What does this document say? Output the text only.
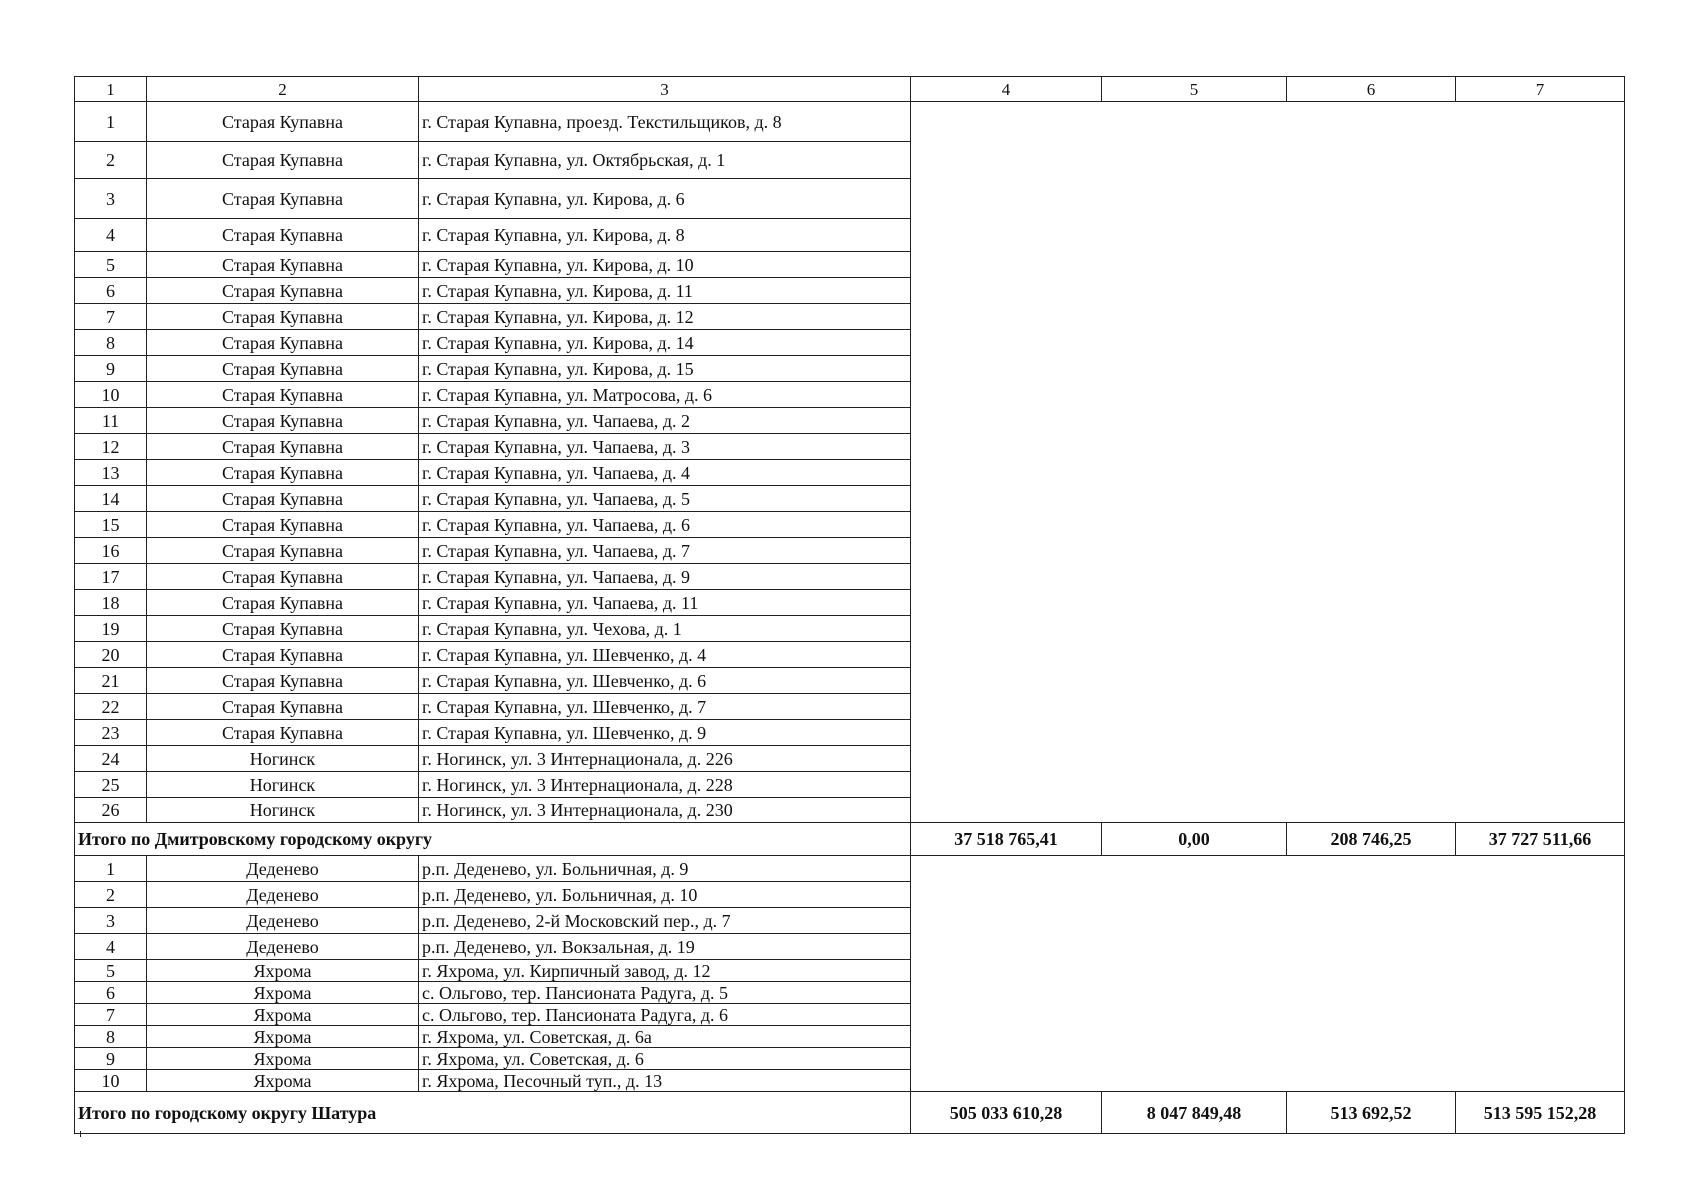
1	2	3	4	5	6	7
1	Старая Купавна	г. Старая Купавна, проезд. Текстильщиков, д. 8				
2	Старая Купавна	г. Старая Купавна, ул. Октябрьская, д. 1				
3	Старая Купавна	г. Старая Купавна, ул. Кирова, д. 6				
4	Старая Купавна	г. Старая Купавна, ул. Кирова, д. 8				
5	Старая Купавна	г. Старая Купавна, ул. Кирова, д. 10				
6	Старая Купавна	г. Старая Купавна, ул. Кирова, д. 11				
7	Старая Купавна	г. Старая Купавна, ул. Кирова, д. 12				
8	Старая Купавна	г. Старая Купавна, ул. Кирова, д. 14				
9	Старая Купавна	г. Старая Купавна, ул. Кирова, д. 15				
10	Старая Купавна	г. Старая Купавна, ул. Матросова, д. 6				
11	Старая Купавна	г. Старая Купавна, ул. Чапаева, д. 2				
12	Старая Купавна	г. Старая Купавна, ул. Чапаева, д. 3				
13	Старая Купавна	г. Старая Купавна, ул. Чапаева, д. 4				
14	Старая Купавна	г. Старая Купавна, ул. Чапаева, д. 5				
15	Старая Купавна	г. Старая Купавна, ул. Чапаева, д. 6				
16	Старая Купавна	г. Старая Купавна, ул. Чапаева, д. 7				
17	Старая Купавна	г. Старая Купавна, ул. Чапаева, д. 9				
18	Старая Купавна	г. Старая Купавна, ул. Чапаева, д. 11				
19	Старая Купавна	г. Старая Купавна, ул. Чехова, д. 1				
20	Старая Купавна	г. Старая Купавна, ул. Шевченко, д. 4				
21	Старая Купавна	г. Старая Купавна, ул. Шевченко, д. 6				
22	Старая Купавна	г. Старая Купавна, ул. Шевченко, д. 7				
23	Старая Купавна	г. Старая Купавна, ул. Шевченко, д. 9				
24	Ногинск	г. Ногинск, ул. 3 Интернационала, д. 226				
25	Ногинск	г. Ногинск, ул. 3 Интернационала, д. 228				
26	Ногинск	г. Ногинск, ул. 3 Интернационала, д. 230				
Итого по Дмитровскому городскому округу			37 518 765,41	0,00	208 746,25	37 727 511,66
1	Деденево	р.п. Деденево, ул. Больничная, д. 9				
2	Деденево	р.п. Деденево, ул. Больничная, д. 10				
3	Деденево	р.п. Деденево, 2-й Московский пер., д. 7				
4	Деденево	р.п. Деденево, ул. Вокзальная, д. 19				
5	Яхрома	г. Яхрома, ул. Кирпичный завод, д. 12				
6	Яхрома	с. Ольгово, тер. Пансионата Радуга, д. 5				
7	Яхрома	с. Ольгово, тер. Пансионата Радуга, д. 6				
8	Яхрома	г. Яхрома, ул. Советская, д. 6а				
9	Яхрома	г. Яхрома, ул. Советская, д. 6				
10	Яхрома	г. Яхрома, Песочный туп., д. 13				
Итого по городскому округу Шатура			505 033 610,28	8 047 849,48	513 692,52	513 595 152,28
